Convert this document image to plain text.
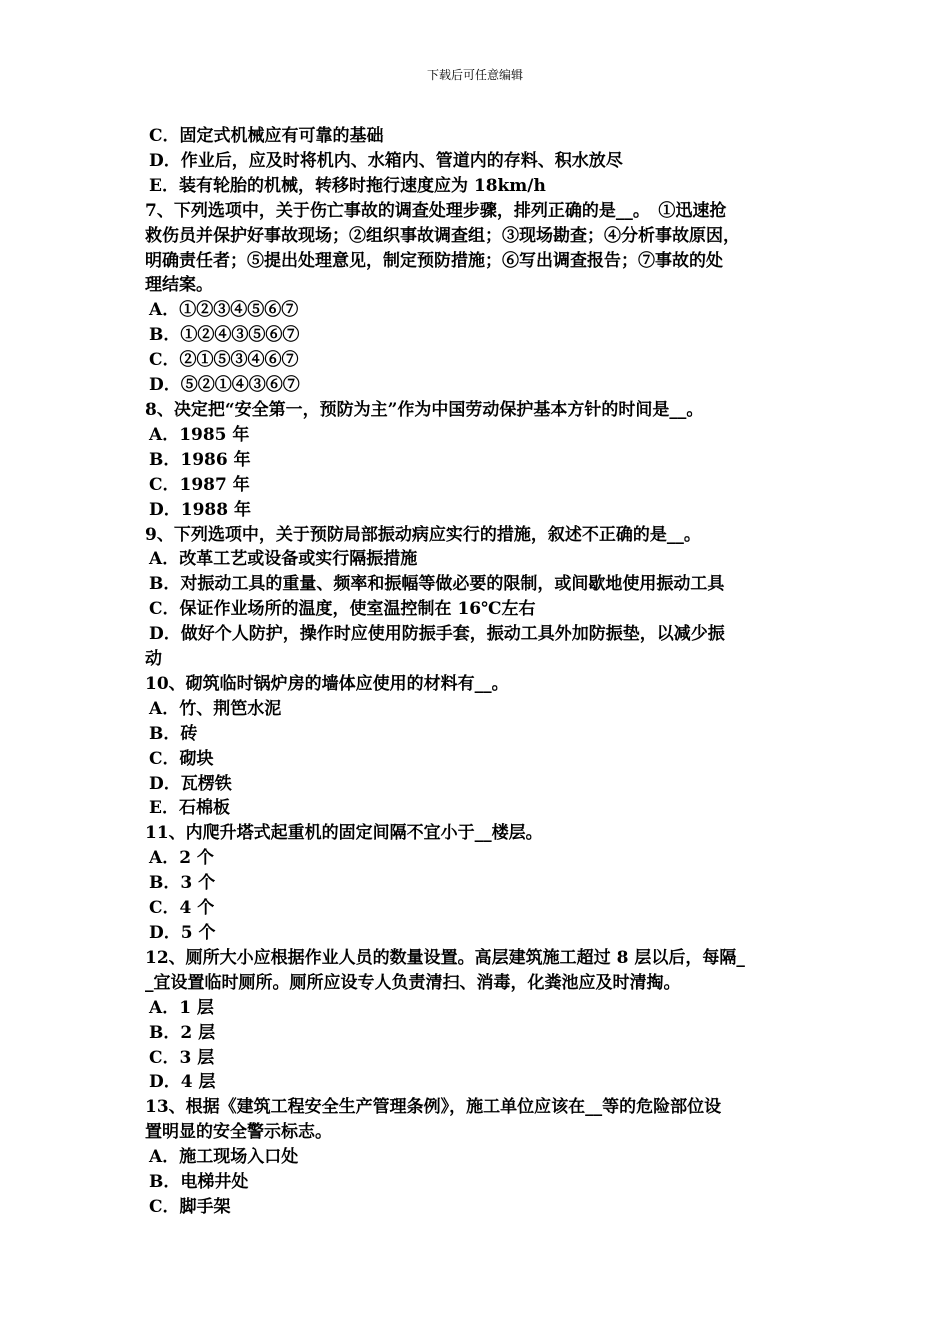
下载后可任意编辑
C．固定式机械应有可靠的基础
D．作业后，应及时将机内、水箱内、管道内的存料、积水放尽
E．装有轮胎的机械，转移时拖行速度应为 18km/h
7、下列选项中，关于伤亡事故的调查处理步骤，排列正确的是__。　①迅速抢
救伤员并保护好事故现场；②组织事故调查组；③现场勘查；④分析事故原因，
明确责任者；⑤提出处理意见，制定预防措施；⑥写出调查报告；⑦事故的处
理结案。
A．①②③④⑤⑥⑦
B．①②④③⑤⑥⑦
C．②①⑤③④⑥⑦
D．⑤②①④③⑥⑦
8、决定把“安全第一，预防为主”作为中国劳动保护基本方针的时间是__。
A．1985 年
B．1986 年
C．1987 年
D．1988 年
9、下列选项中，关于预防局部振动病应实行的措施，叙述不正确的是__。
A．改革工艺或设备或实行隔振措施
B．对振动工具的重量、频率和振幅等做必要的限制，或间歇地使用振动工具
C．保证作业场所的温度，使室温控制在 16℃左右
D．做好个人防护，操作时应使用防振手套，振动工具外加防振垫，以减少振
动
10、砌筑临时锅炉房的墙体应使用的材料有__。
A．竹、荆笆水泥
B．砖
C．砌块
D．瓦楞铁
E．石棉板
11、内爬升塔式起重机的固定间隔不宜小于__楼层。
A．2 个
B．3 个
C．4 个
D．5 个
12、厕所大小应根据作业人员的数量设置。高层建筑施工超过 8 层以后，每隔_
_宜设置临时厕所。厕所应设专人负责清扫、消毒，化粪池应及时清掏。
A．1 层
B．2 层
C．3 层
D．4 层
13、根据《建筑工程安全生产管理条例》，施工单位应该在__等的危险部位设
置明显的安全警示标志。
A．施工现场入口处
B．电梯井处
C．脚手架
